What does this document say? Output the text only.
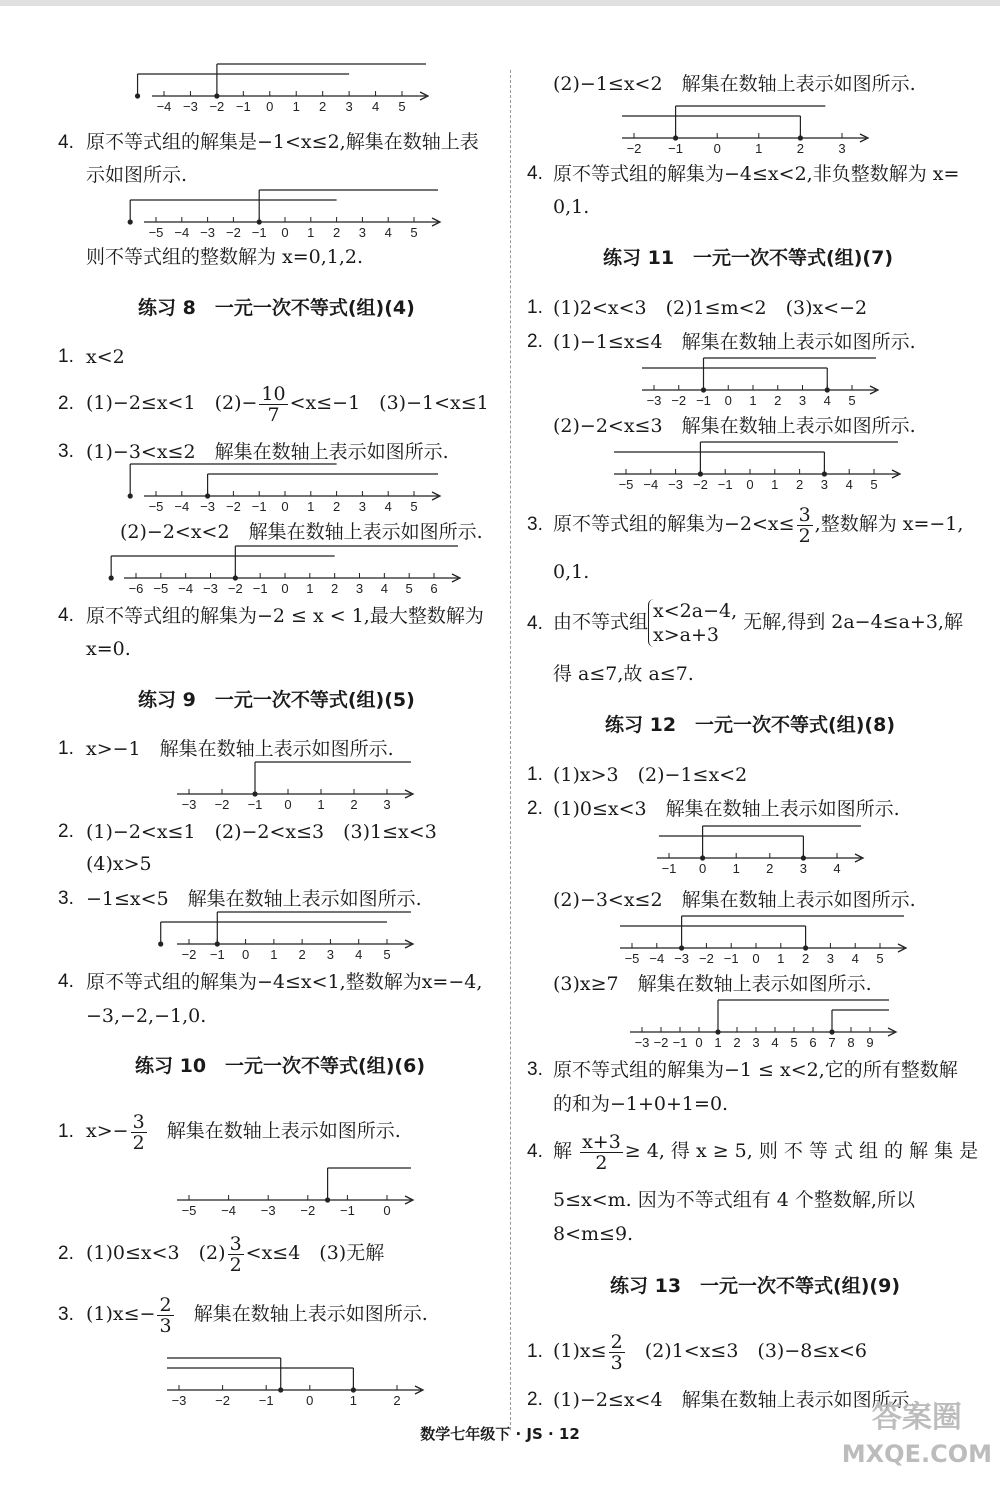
−4 −3 −2 −1 0 1 2 3 4 5
4. 原不等式组的解集是−1<x≤2,解集在数轴上表
示如图所示.
−5 −4 −3 −2 −1 0 1 2 3 4 5
则不等式组的整数解为 x=0,1,2.
练习 8　一元一次不等式(组)(4)
1. x<2
2. (1)−2≤x<1　$(2)- \frac{10}{7} <x\le-1$　(3)−1<x≤1
3. (1)−3<x≤2　解集在数轴上表示如图所示.
−5 −4 −3 −2 −1 0 1 2 3 4 5
(2)−2<x<2　解集在数轴上表示如图所示.
−6 −5 −4 −3 −2 −1 0 1 2 3 4 5 6
4. 原不等式组的解集为−2 ≤ x < 1,最大整数解为
x=0.
练习 9　一元一次不等式(组)(5)
1. x>−1　解集在数轴上表示如图所示.
−3 −2 −1 0 1 2 3
2. (1)−2<x≤1　(2)−2<x≤3　(3)1≤x<3
(4)x>5
3. −1≤x<5　解集在数轴上表示如图所示.
−2 −1 0 1 2 3 4 5
4. 原不等式组的解集为−4≤x<1,整数解为x=−4,
−3,−2,−1,0.
练习 10　一元一次不等式(组)(6)
1. $x>- \frac{3}{2}$ 解集在数轴上表示如图所示.
−5 −4 −3 −2 −1 0
2. (1)0≤x<3　$(2) \frac{3}{2} <x\le 4$　(3)无解
3. $(1)x\le- \frac{2}{3}$ 解集在数轴上表示如图所示.
−3 −2 −1	0	1	2
(2)−1≤x<2　解集在数轴上表示如图所示.
−2 −1 0	1	2	3
4. 原不等式组的解集为−4≤x<2,非负整数解为 x=
0,1.
练习 11　一元一次不等式(组)(7)
1. (1)2<x<3　(2)1≤m<2　(3)x<−2
2. (1)−1≤x≤4　解集在数轴上表示如图所示.
−3 −2 −1 0 1 2 3 4 5
(2)−2<x≤3　解集在数轴上表示如图所示.
−5 −4 −3 −2 −1 0 1 2 3 4 5
3. 原不等式组的解集为$-2<x\le \frac{3}{2}$ ,整数解为 x=−1,
0,1.
4. 由不等式组 x<2a−4,
x>a+3
无解,得到 2a−4≤a+3,解
得 a≤7,故 a≤7.
练习 12　一元一次不等式(组)(8)
1. (1)x>3　(2)−1≤x<2
2. (1)0≤x<3　解集在数轴上表示如图所示.
−1 0 1 2 3 4
(2)−3<x≤2　解集在数轴上表示如图所示.
−5 −4 −3 −2 −1 0 1 2 3 4 5
(3)x≥7　解集在数轴上表示如图所示.
−3 −2 −1 0 1 2 3 4 5 6 7 8 9
3. 原不等式组的解集为−1 ≤ x<2,它的所有整数解
的和为−1+0+1=0.
4. 解 $\frac{x+3}{2} \ge 4$, 得 x ≥ 5, 则 不 等 式 组 的 解 集 是
5≤x<m. 因为不等式组有 4 个整数解,所以
8<m≤9.
练习 13　一元一次不等式(组)(9)
1. $(1)x\le \frac{2}{3} (2)1<x\le 3$　(3)−8≤x<6
2. (1)−2≤x<4　解集在数轴上表示如图所示.
数学七年级下 · JS · 12	答案圈
MXQE.COM
